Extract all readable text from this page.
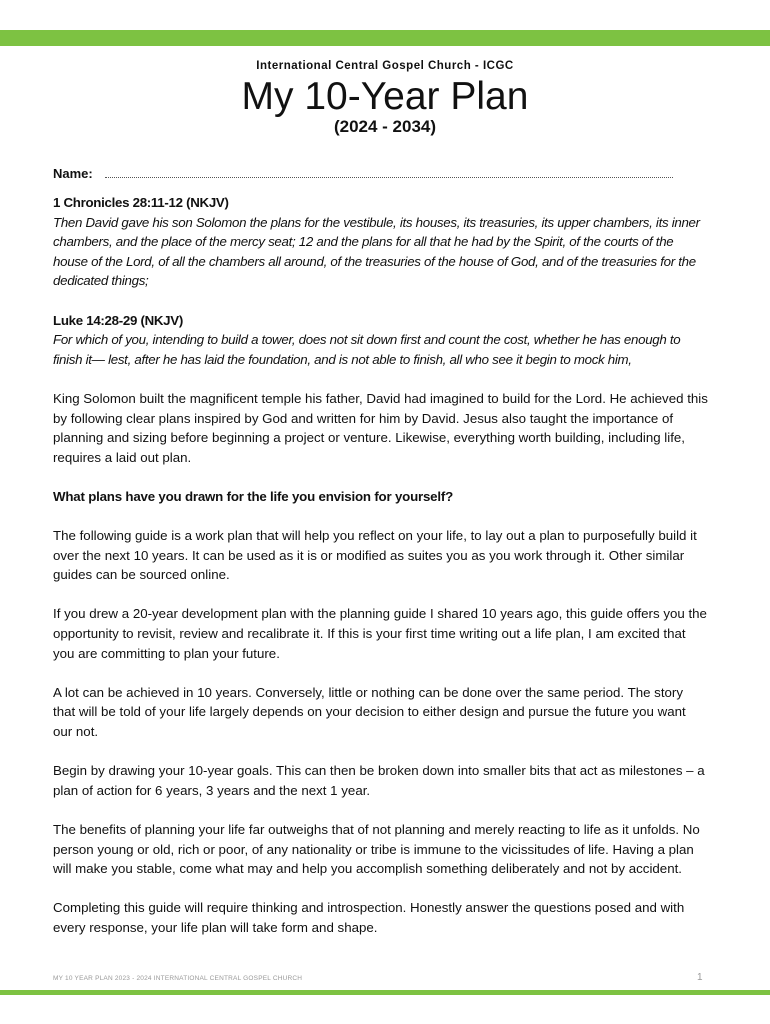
International Central Gospel Church - ICGC
My 10-Year Plan
(2024 - 2034)
Name:

1 Chronicles 28:11-12 (NKJV)

Then David gave his son Solomon the plans for the vestibule, its houses, its treasuries, its upper chambers, its inner chambers, and the place of the mercy seat; 12 and the plans for all that he had by the Spirit, of the courts of the house of the Lord, of all the chambers all around, of the treasuries of the house of God, and of the treasuries for the dedicated things;

Luke 14:28-29 (NKJV)

For which of you, intending to build a tower, does not sit down first and count the cost, whether he has enough to finish it— lest, after he has laid the foundation, and is not able to finish, all who see it begin to mock him,

King Solomon built the magnificent temple his father, David had imagined to build for the Lord. He achieved this by following clear plans inspired by God and written for him by David. Jesus also taught the importance of planning and sizing before beginning a project or venture. Likewise, everything worth building, including life, requires a laid out plan.

What plans have you drawn for the life you envision for yourself?

The following guide is a work plan that will help you reflect on your life, to lay out a plan to purposefully build it over the next 10 years. It can be used as it is or modified as suites you as you work through it. Other similar guides can be sourced online.

If you drew a 20-year development plan with the planning guide I shared 10 years ago, this guide offers you the opportunity to revisit, review and recalibrate it. If this is your first time writing out a life plan, I am excited that you are committing to plan your future.

A lot can be achieved in 10 years. Conversely, little or nothing can be done over the same period. The story that will be told of your life largely depends on your decision to either design and pursue the future you want our not.

Begin by drawing your 10-year goals. This can then be broken down into smaller bits that act as milestones – a plan of action for 6 years, 3 years and the next 1 year.

The benefits of planning your life far outweighs that of not planning and merely reacting to life as it unfolds. No person young or old, rich or poor, of any nationality or tribe is immune to the vicissitudes of life. Having a plan will make you stable, come what may and help you accomplish something deliberately and not by accident.

Completing this guide will require thinking and introspection. Honestly answer the questions posed and with every response, your life plan will take form and shape.

MY 10 YEAR PLAN 2023 - 2024 INTERNATIONAL CENTRAL GOSPEL CHURCH	1
